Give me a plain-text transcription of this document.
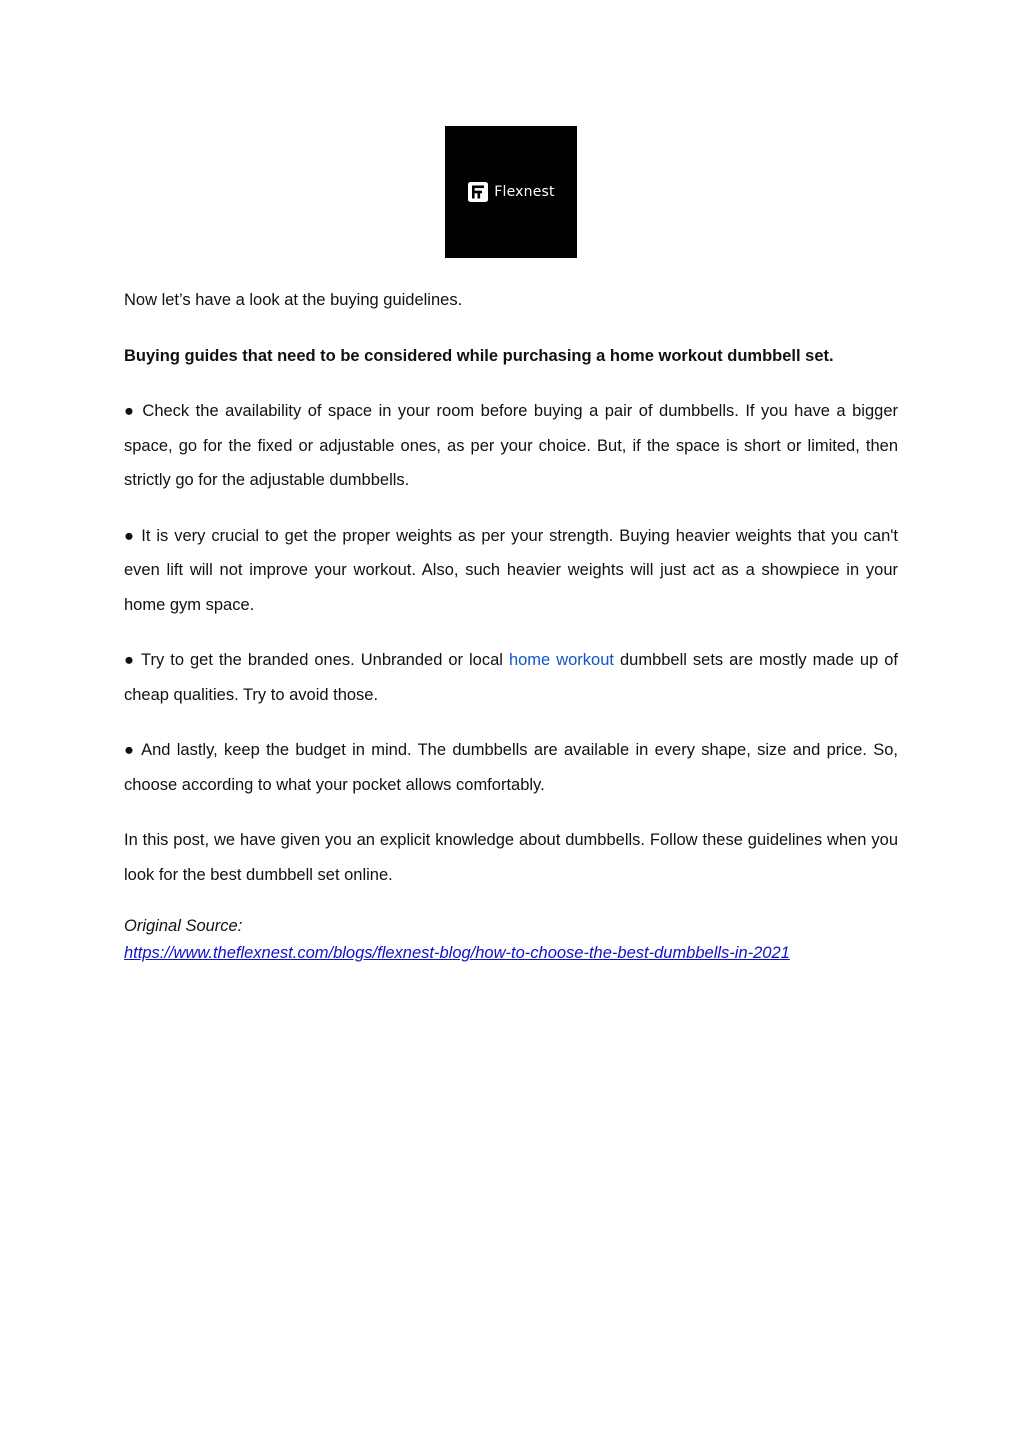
Flexnest

Now let’s have a look at the buying guidelines.

Buying guides that need to be considered while purchasing a home workout dumbbell set.

● Check the availability of space in your room before buying a pair of dumbbells. If you have a bigger space, go for the fixed or adjustable ones, as per your choice. But, if the space is short or limited, then strictly go for the adjustable dumbbells.

● It is very crucial to get the proper weights as per your strength. Buying heavier weights that you can't even lift will not improve your workout. Also, such heavier weights will just act as a showpiece in your home gym space.

● Try to get the branded ones. Unbranded or local home workout dumbbell sets are mostly made up of cheap qualities. Try to avoid those.

● And lastly, keep the budget in mind. The dumbbells are available in every shape, size and price. So, choose according to what your pocket allows comfortably.

In this post, we have given you an explicit knowledge about dumbbells. Follow these guidelines when you look for the best dumbbell set online.

Original Source:
https://www.theflexnest.com/blogs/flexnest-blog/how-to-choose-the-best-dumbbells-in-2021
